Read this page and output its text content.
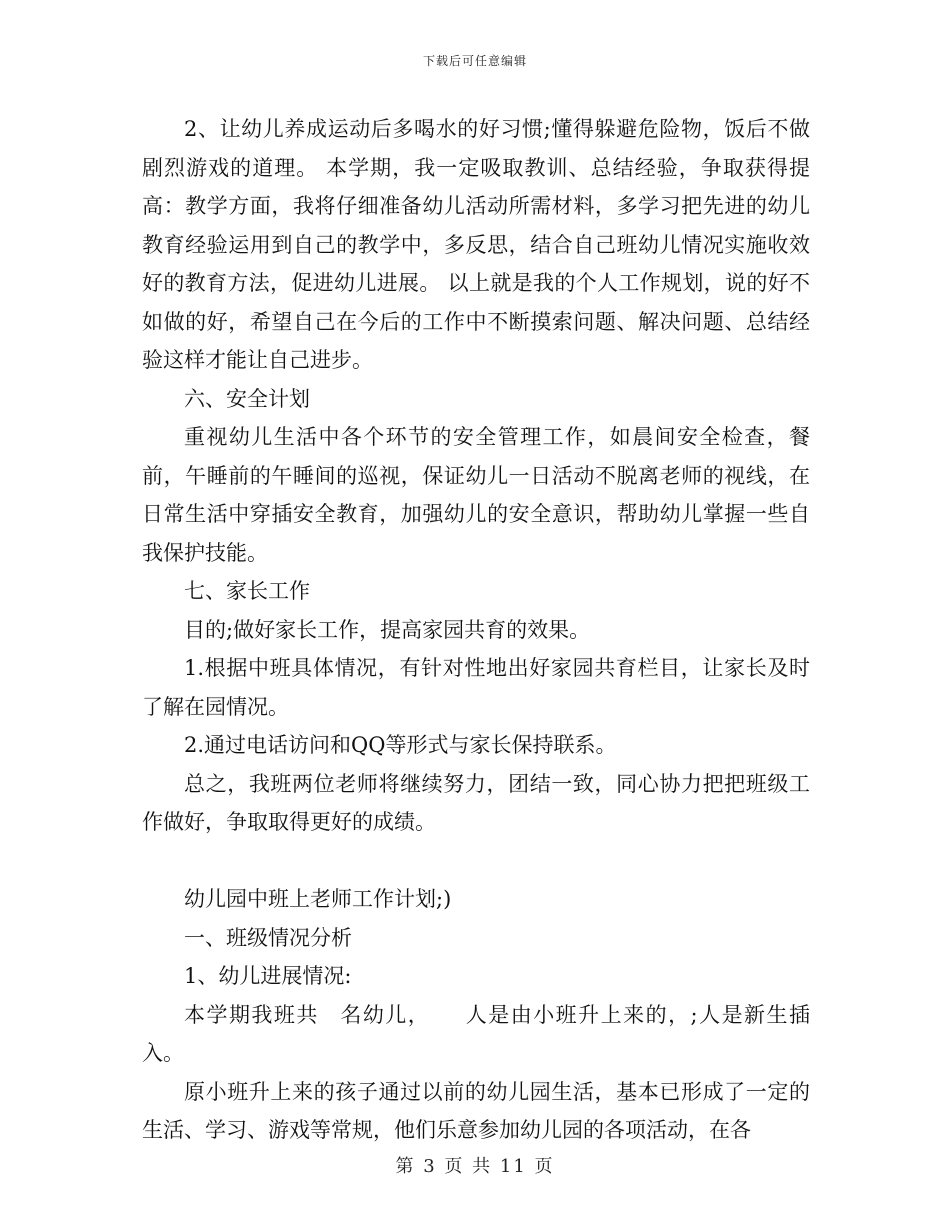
下载后可任意编辑

2、让幼儿养成运动后多喝水的好习惯;懂得躲避危险物，饭后不做剧烈游戏的道理。 本学期，我一定吸取教训、总结经验，争取获得提高：教学方面，我将仔细准备幼儿活动所需材料，多学习把先进的幼儿教育经验运用到自己的教学中，多反思，结合自己班幼儿情况实施收效好的教育方法，促进幼儿进展。 以上就是我的个人工作规划，说的好不如做的好，希望自己在今后的工作中不断摸索问题、解决问题、总结经验这样才能让自己进步。

六、安全计划

重视幼儿生活中各个环节的安全管理工作，如晨间安全检查，餐前，午睡前的午睡间的巡视，保证幼儿一日活动不脱离老师的视线，在日常生活中穿插安全教育，加强幼儿的安全意识，帮助幼儿掌握一些自我保护技能。

七、家长工作

目的;做好家长工作，提高家园共育的效果。

1.根据中班具体情况，有针对性地出好家园共育栏目，让家长及时了解在园情况。

2.通过电话访问和QQ等形式与家长保持联系。

总之，我班两位老师将继续努力，团结一致，同心协力把把班级工作做好，争取取得更好的成绩。

幼儿园中班上老师工作计划;)

一、班级情况分析

1、幼儿进展情况:

本学期我班共 名幼儿， 人是由小班升上来的，;人是新生插入。

原小班升上来的孩子通过以前的幼儿园生活，基本已形成了一定的生活、学习、游戏等常规，他们乐意参加幼儿园的各项活动，在各

第 3 页 共 11 页
